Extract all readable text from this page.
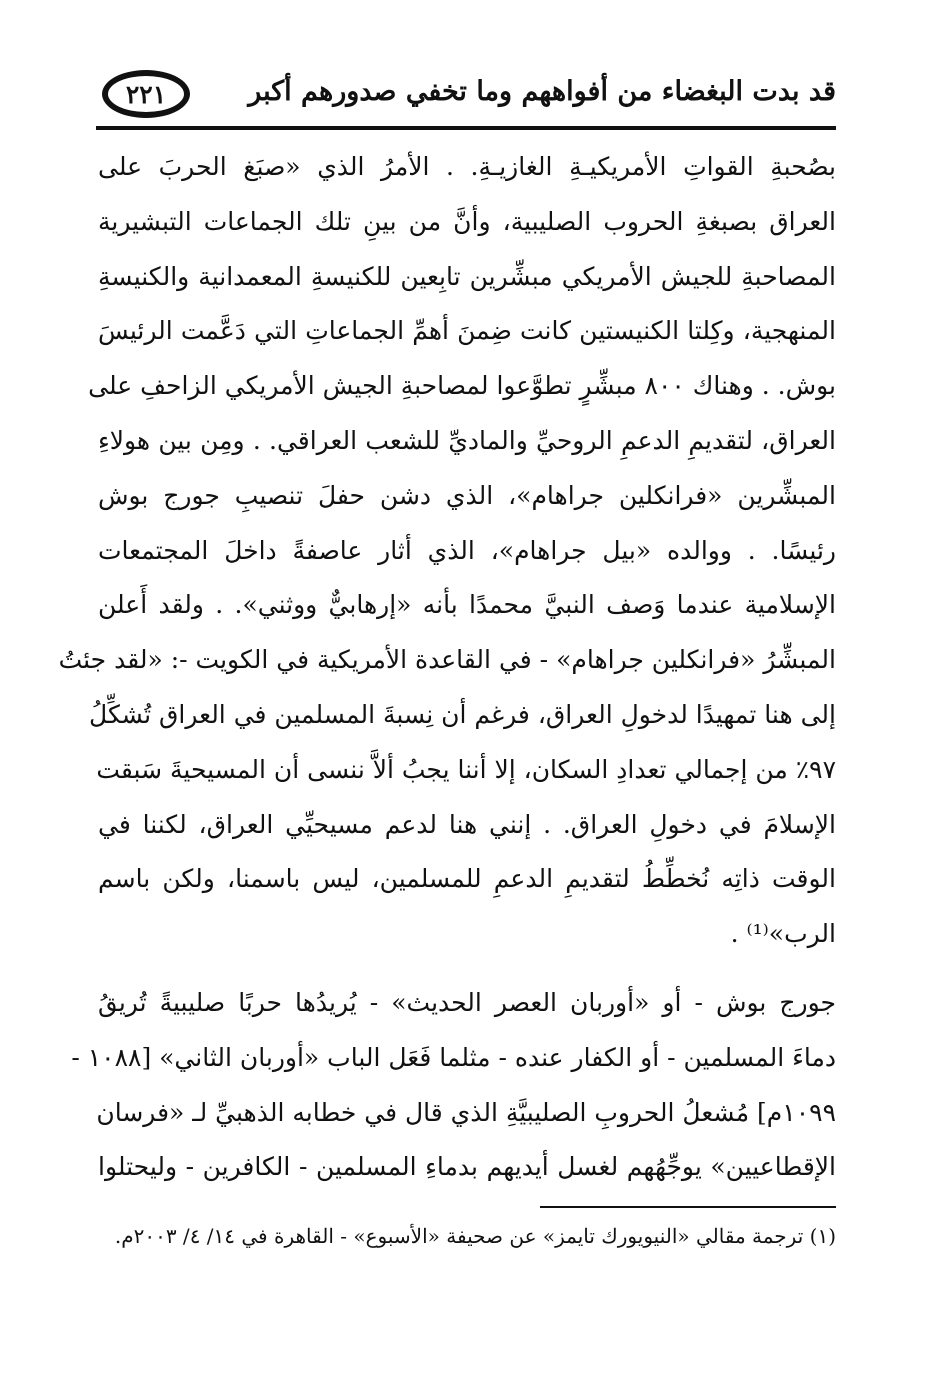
قد بدت البغضاء من أفواههم وما تخفي صدورهم أكبر
٢٢١
بصُحبةِ القواتِ الأمريكيـةِ الغازيـةِ. . الأمرُ الذي «صبَغ الحربَ على
العراق بصبغةِ الحروب الصليبية، وأنَّ من بينِ تلك الجماعات التبشيرية
المصاحبةِ للجيش الأمريكي مبشِّرين تابِعين للكنيسةِ المعمدانية والكنيسةِ
المنهجية، وكِلتا الكنيستين كانت ضِمنَ أهمِّ الجماعاتِ التي دَعَّمت الرئيسَ
بوش. . وهناك ٨٠٠ مبشِّرٍ تطوَّعوا لمصاحبةِ الجيش الأمريكي الزاحفِ على
العراق، لتقديمِ الدعمِ الروحيِّ والماديِّ للشعب العراقي. . ومِن بين هولاءِ
المبشِّرين «فرانكلين جراهام»، الذي دشن حفلَ تنصيبِ جورج بوش
رئيسًا. . ووالده «بيل جراهام»، الذي أثار عاصفةً داخلَ المجتمعات
الإسلامية عندما وَصف النبيَّ محمدًا بأنه «إرهابيٌّ ووثني». . ولقد أَعلن
المبشِّرُ «فرانكلين جراهام» - في القاعدة الأمريكية في الكويت -: «لقد جئتُ
إلى هنا تمهيدًا لدخولِ العراق، فرغم أن نِسبةَ المسلمين في العراق تُشكِّلُ
٩٧٪ من إجمالي تعدادِ السكان، إلا أننا يجبُ ألاَّ ننسى أن المسيحيةَ سَبقت
الإسلامَ في دخولِ العراق. . إنني هنا لدعم مسيحيِّي العراق، لكننا في
الوقت ذاتِه نُخطِّطُ لتقديمِ الدعمِ للمسلمين، ليس باسمنا، ولكن باسم
الرب»⁽¹⁾ .
جورج بوش - أو «أوربان العصر الحديث» - يُريدُها حربًا صليبيةً تُريقُ
دماءَ المسلمين - أو الكفار عنده - مثلما فَعَل الباب «أوربان الثاني» [١٠٨٨ -
١٠٩٩م] مُشعلُ الحروبِ الصليبيَّةِ الذي قال في خطابه الذهبيِّ لـ «فرسان
الإقطاعيين» يوجِّهُهم لغسل أيديهم بدماءِ المسلمين - الكافرين - وليحتلوا
(١) ترجمة مقالي «النيويورك تايمز» عن صحيفة «الأسبوع» - القاهرة في ١٤/ ٤/ ٢٠٠٣م.
